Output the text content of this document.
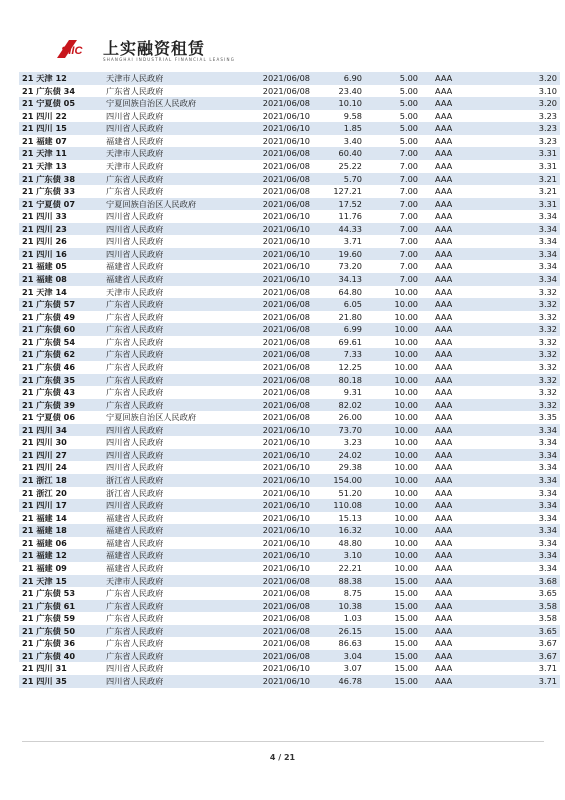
SIIC 上实融资租赁
SHANGHAI INDUSTRIAL FINANCIAL LEASING
21 天津 12	天津市人民政府	2021/06/08	6.90	5.00	AAA	3.20
21 广东债 34	广东省人民政府	2021/06/08	23.40	5.00	AAA	3.10
21 宁夏债 05	宁夏回族自治区人民政府	2021/06/08	10.10	5.00	AAA	3.20
21 四川 22	四川省人民政府	2021/06/10	9.58	5.00	AAA	3.23
21 四川 15	四川省人民政府	2021/06/10	1.85	5.00	AAA	3.23
21 福建 07	福建省人民政府	2021/06/10	3.40	5.00	AAA	3.23
21 天津 11	天津市人民政府	2021/06/08	60.40	7.00	AAA	3.31
21 天津 13	天津市人民政府	2021/06/08	25.22	7.00	AAA	3.31
21 广东债 38	广东省人民政府	2021/06/08	5.70	7.00	AAA	3.21
21 广东债 33	广东省人民政府	2021/06/08	127.21	7.00	AAA	3.21
21 宁夏债 07	宁夏回族自治区人民政府	2021/06/08	17.52	7.00	AAA	3.31
21 四川 33	四川省人民政府	2021/06/10	11.76	7.00	AAA	3.34
21 四川 23	四川省人民政府	2021/06/10	44.33	7.00	AAA	3.34
21 四川 26	四川省人民政府	2021/06/10	3.71	7.00	AAA	3.34
21 四川 16	四川省人民政府	2021/06/10	19.60	7.00	AAA	3.34
21 福建 05	福建省人民政府	2021/06/10	73.20	7.00	AAA	3.34
21 福建 08	福建省人民政府	2021/06/10	34.13	7.00	AAA	3.34
21 天津 14	天津市人民政府	2021/06/08	64.80	10.00	AAA	3.32
21 广东债 57	广东省人民政府	2021/06/08	6.05	10.00	AAA	3.32
21 广东债 49	广东省人民政府	2021/06/08	21.80	10.00	AAA	3.32
21 广东债 60	广东省人民政府	2021/06/08	6.99	10.00	AAA	3.32
21 广东债 54	广东省人民政府	2021/06/08	69.61	10.00	AAA	3.32
21 广东债 62	广东省人民政府	2021/06/08	7.33	10.00	AAA	3.32
21 广东债 46	广东省人民政府	2021/06/08	12.25	10.00	AAA	3.32
21 广东债 35	广东省人民政府	2021/06/08	80.18	10.00	AAA	3.32
21 广东债 43	广东省人民政府	2021/06/08	9.31	10.00	AAA	3.32
21 广东债 39	广东省人民政府	2021/06/08	82.02	10.00	AAA	3.32
21 宁夏债 06	宁夏回族自治区人民政府	2021/06/08	26.00	10.00	AAA	3.35
21 四川 34	四川省人民政府	2021/06/10	73.70	10.00	AAA	3.34
21 四川 30	四川省人民政府	2021/06/10	3.23	10.00	AAA	3.34
21 四川 27	四川省人民政府	2021/06/10	24.02	10.00	AAA	3.34
21 四川 24	四川省人民政府	2021/06/10	29.38	10.00	AAA	3.34
21 浙江 18	浙江省人民政府	2021/06/10	154.00	10.00	AAA	3.34
21 浙江 20	浙江省人民政府	2021/06/10	51.20	10.00	AAA	3.34
21 四川 17	四川省人民政府	2021/06/10	110.08	10.00	AAA	3.34
21 福建 14	福建省人民政府	2021/06/10	15.13	10.00	AAA	3.34
21 福建 18	福建省人民政府	2021/06/10	16.32	10.00	AAA	3.34
21 福建 06	福建省人民政府	2021/06/10	48.80	10.00	AAA	3.34
21 福建 12	福建省人民政府	2021/06/10	3.10	10.00	AAA	3.34
21 福建 09	福建省人民政府	2021/06/10	22.21	10.00	AAA	3.34
21 天津 15	天津市人民政府	2021/06/08	88.38	15.00	AAA	3.68
21 广东债 53	广东省人民政府	2021/06/08	8.75	15.00	AAA	3.65
21 广东债 61	广东省人民政府	2021/06/08	10.38	15.00	AAA	3.58
21 广东债 59	广东省人民政府	2021/06/08	1.03	15.00	AAA	3.58
21 广东债 50	广东省人民政府	2021/06/08	26.15	15.00	AAA	3.65
21 广东债 36	广东省人民政府	2021/06/08	86.63	15.00	AAA	3.67
21 广东债 40	广东省人民政府	2021/06/08	3.04	15.00	AAA	3.67
21 四川 31	四川省人民政府	2021/06/10	3.07	15.00	AAA	3.71
21 四川 35	四川省人民政府	2021/06/10	46.78	15.00	AAA	3.71
4 / 21
